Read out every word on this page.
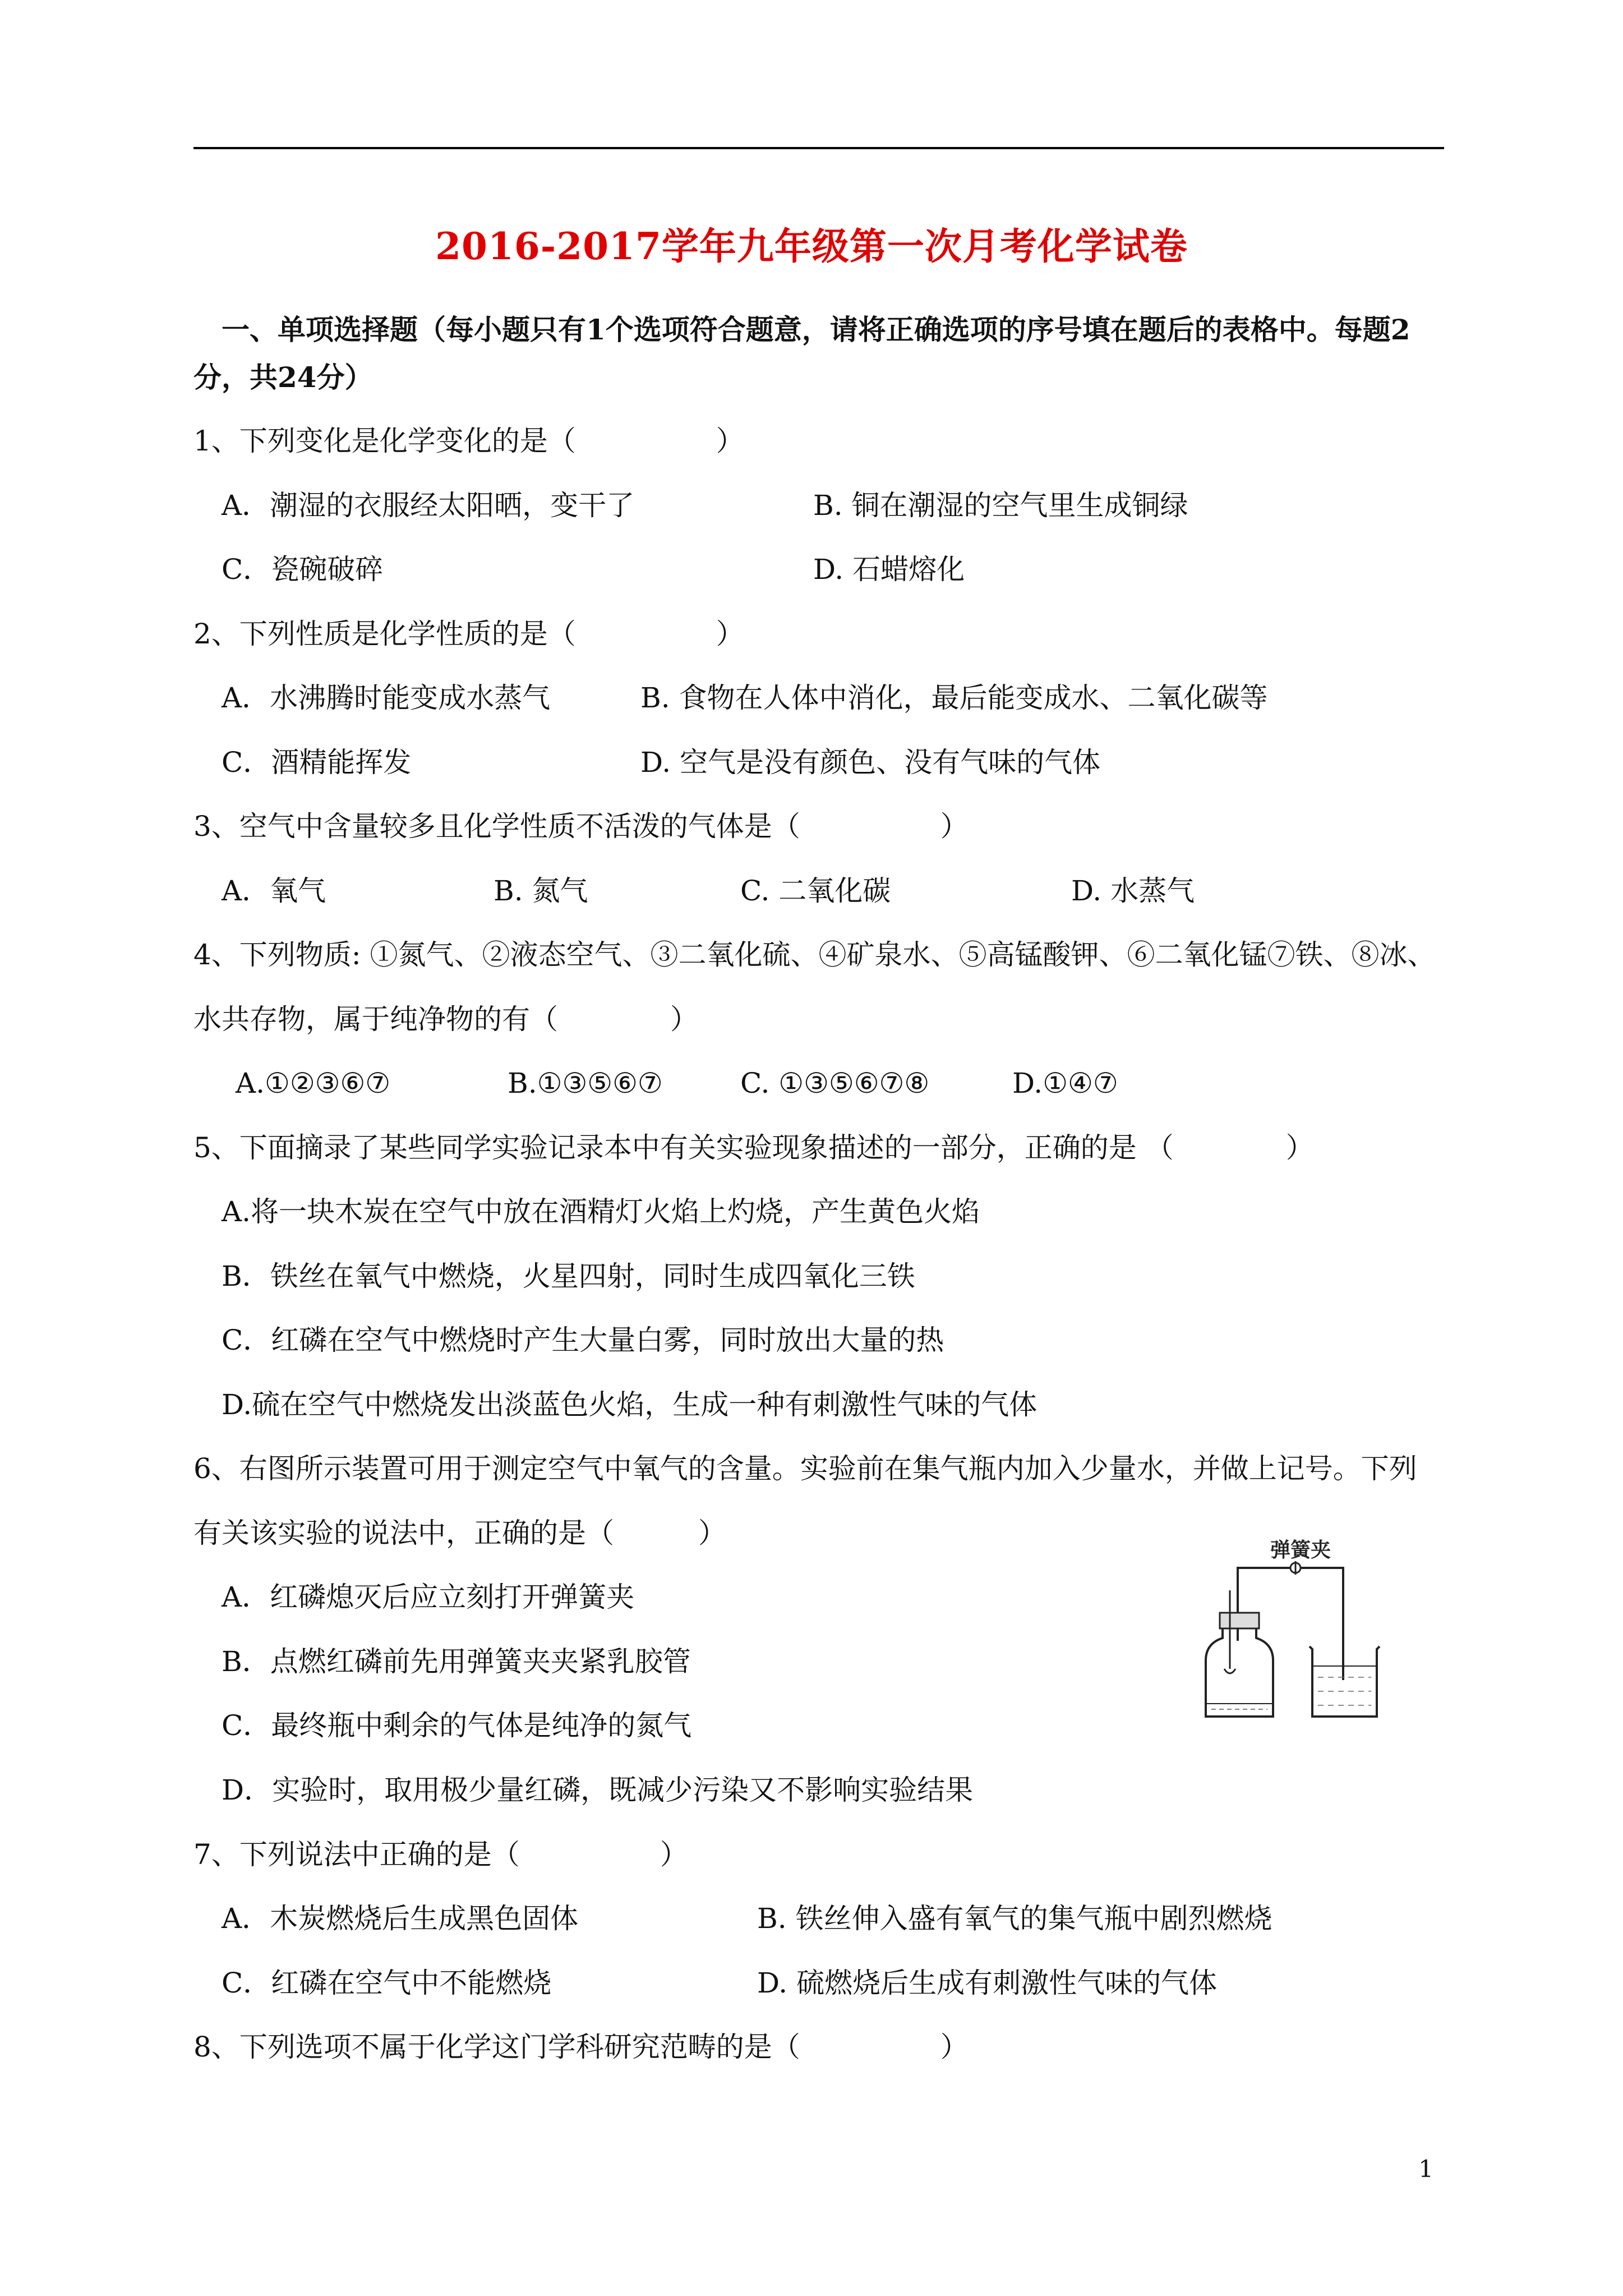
2016-2017学年九年级第一次月考化学试卷
一、单项选择题（每小题只有1个选项符合题意，请将正确选项的序号填在题后的表格中。每题2
分，共24分）
1、下列变化是化学变化的是（　　　　　）
A．潮湿的衣服经太阳晒，变干了	B. 铜在潮湿的空气里生成铜绿
C．瓷碗破碎	D. 石蜡熔化
2、下列性质是化学性质的是（　　　　　）
A．水沸腾时能变成水蒸气	B. 食物在人体中消化，最后能变成水、二氧化碳等
C．酒精能挥发	D. 空气是没有颜色、没有气味的气体
3、空气中含量较多且化学性质不活泼的气体是（　　　　　）
A．氧气	B. 氮气	C. 二氧化碳	D. 水蒸气
4、下列物质: ①氮气、②液态空气、③二氧化硫、④矿泉水、⑤高锰酸钾、⑥二氧化锰⑦铁、⑧冰、
水共存物，属于纯净物的有（　　　　）
A.①②③⑥⑦	B.①③⑤⑥⑦	C. ①③⑤⑥⑦⑧	D.①④⑦
5、下面摘录了某些同学实验记录本中有关实验现象描述的一部分，正确的是 （　　　　）
A.将一块木炭在空气中放在酒精灯火焰上灼烧，产生黄色火焰
B．铁丝在氧气中燃烧，火星四射，同时生成四氧化三铁
C．红磷在空气中燃烧时产生大量白雾，同时放出大量的热
D.硫在空气中燃烧发出淡蓝色火焰，生成一种有刺激性气味的气体
6、右图所示装置可用于测定空气中氧气的含量。实验前在集气瓶内加入少量水，并做上记号。下列
有关该实验的说法中，正确的是（　　　）
A．红磷熄灭后应立刻打开弹簧夹
B．点燃红磷前先用弹簧夹夹紧乳胶管
C．最终瓶中剩余的气体是纯净的氮气
D．实验时，取用极少量红磷，既减少污染又不影响实验结果
弹簧夹
7、下列说法中正确的是（　　　　　）
A．木炭燃烧后生成黑色固体	B. 铁丝伸入盛有氧气的集气瓶中剧烈燃烧
C．红磷在空气中不能燃烧	D. 硫燃烧后生成有刺激性气味的气体
8、下列选项不属于化学这门学科研究范畴的是（　　　　　）
1
